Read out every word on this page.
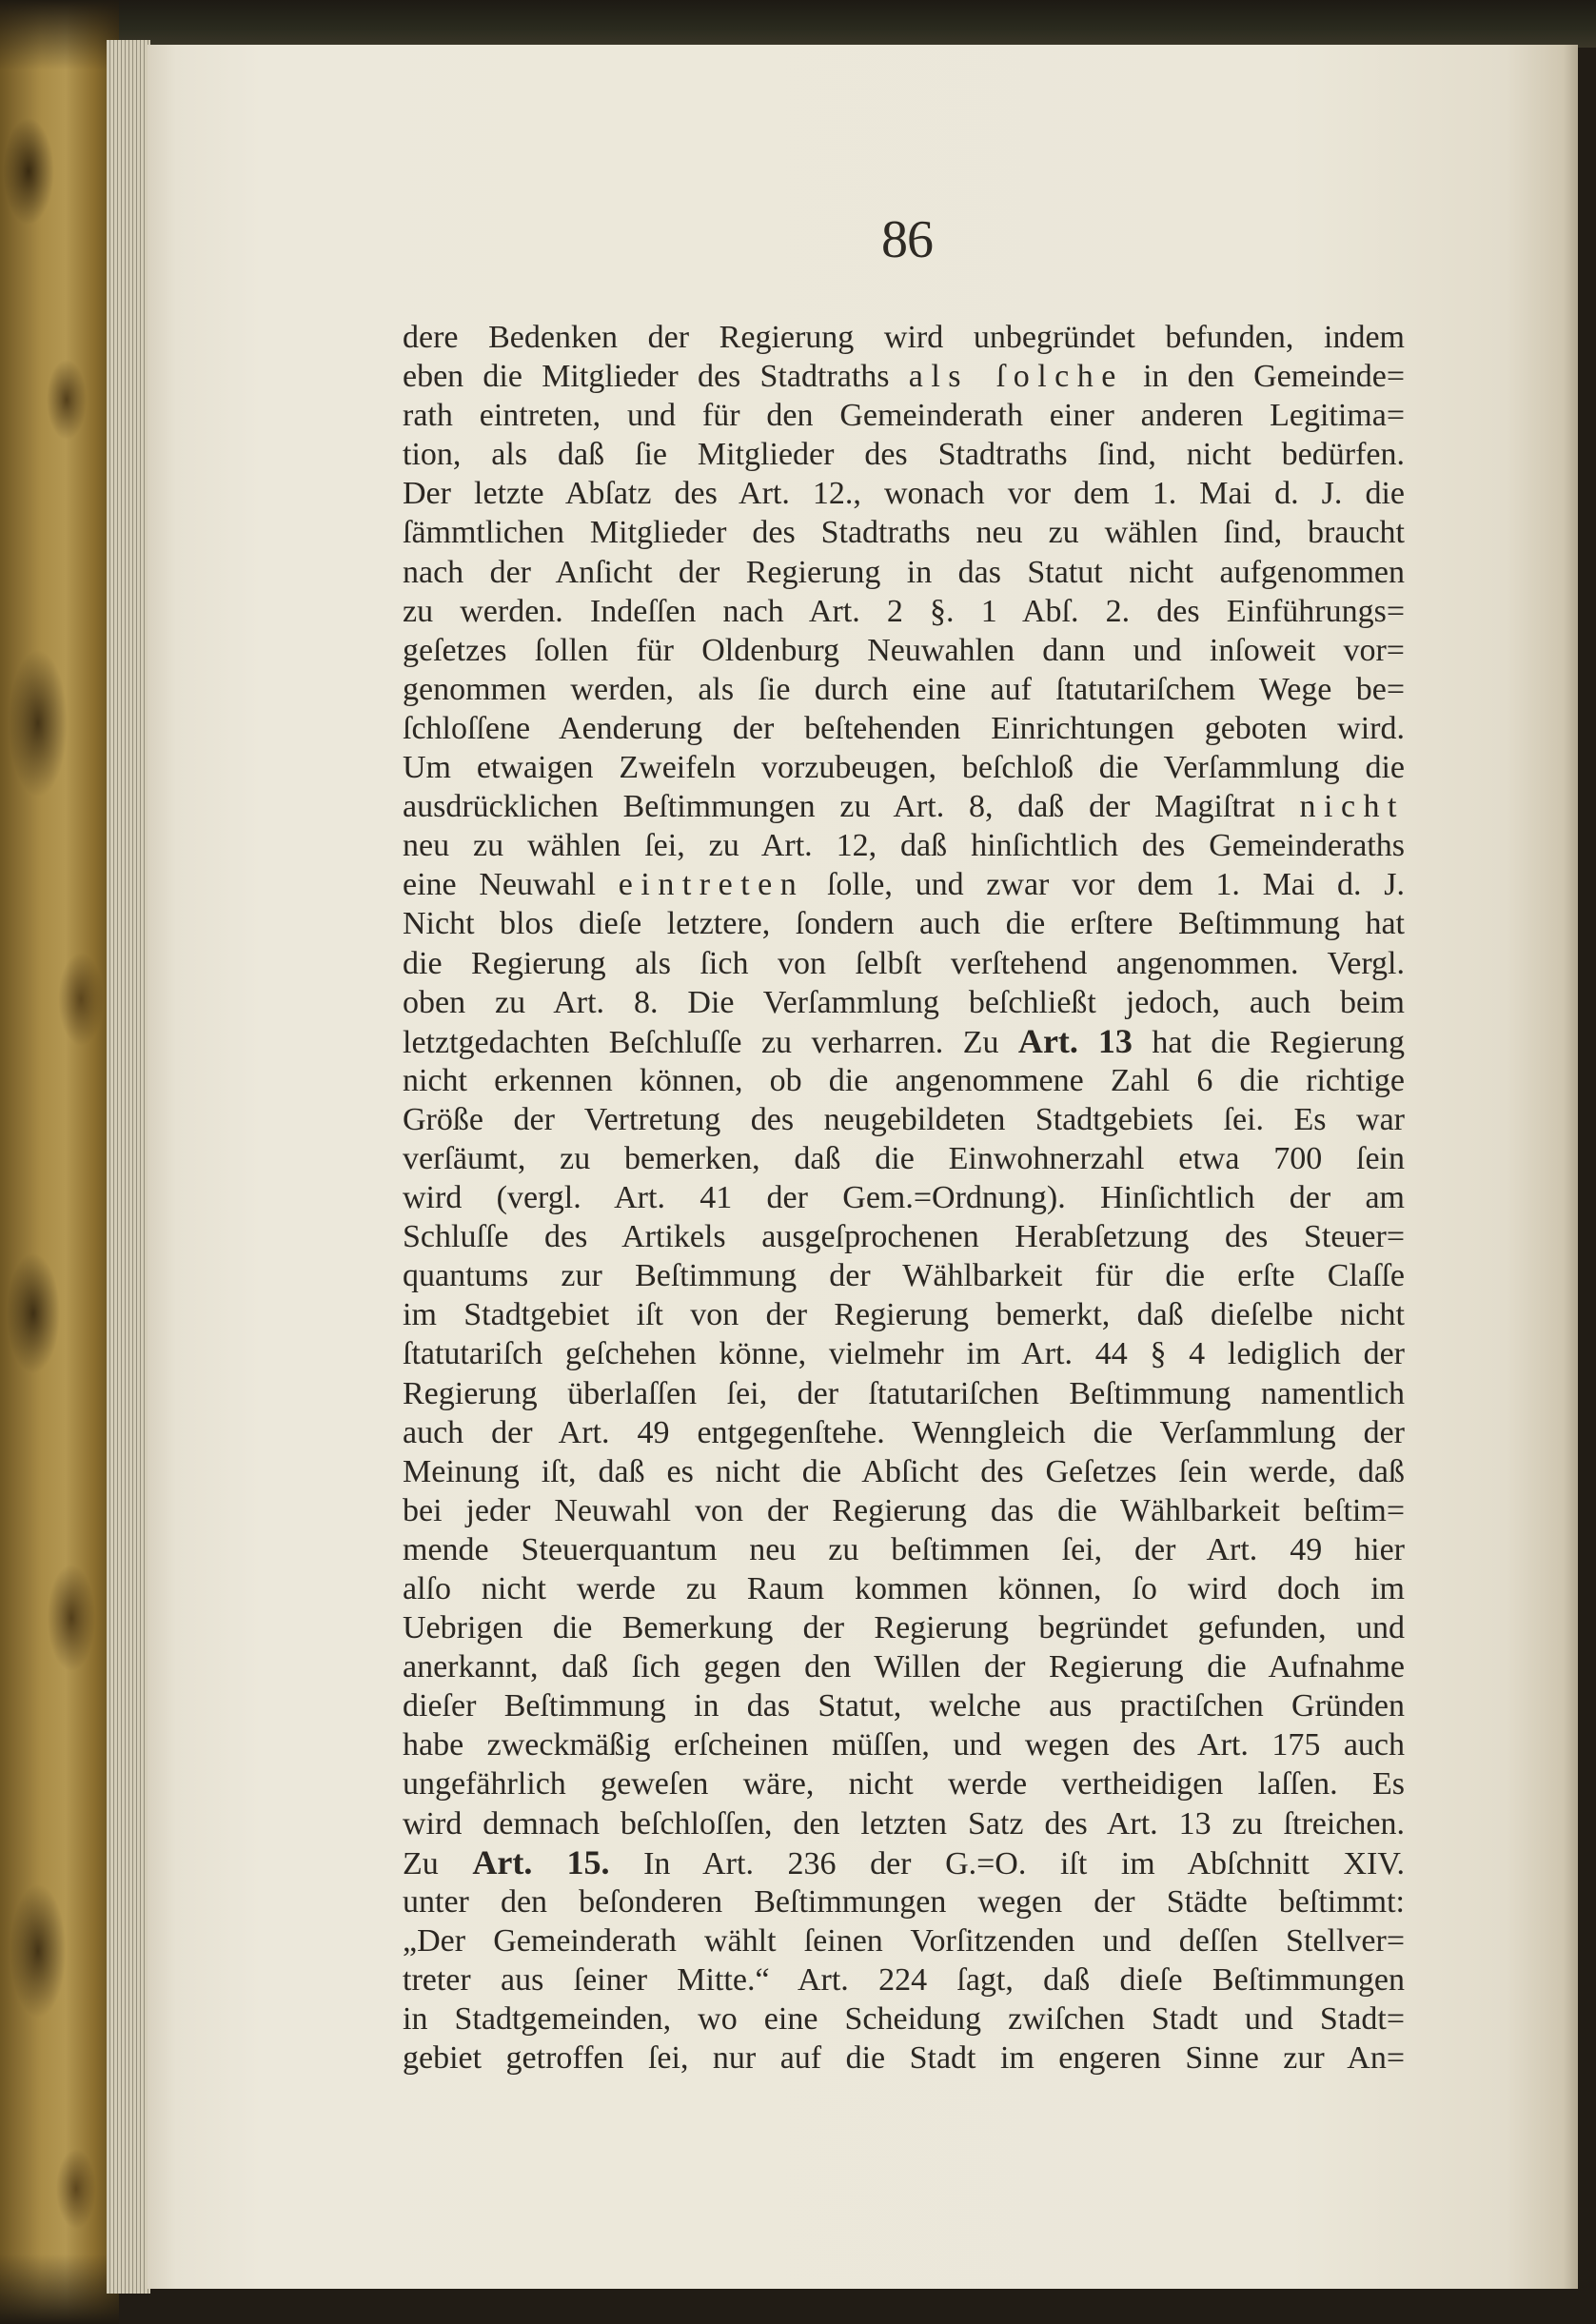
86
dere Bedenken der Regierung wird unbegründet befunden, indem
eben die Mitglieder des Stadtraths als ſolche in den Gemeinde=
rath eintreten, und für den Gemeinderath einer anderen Legitima=
tion, als daß ſie Mitglieder des Stadtraths ſind, nicht bedürfen.
Der letzte Abſatz des Art. 12., wonach vor dem 1. Mai d. J. die
ſämmtlichen Mitglieder des Stadtraths neu zu wählen ſind, braucht
nach der Anſicht der Regierung in das Statut nicht aufgenommen
zu werden. Indeſſen nach Art. 2 §. 1 Abſ. 2. des Einführungs=
geſetzes ſollen für Oldenburg Neuwahlen dann und inſoweit vor=
genommen werden, als ſie durch eine auf ſtatutariſchem Wege be=
ſchloſſene Aenderung der beſtehenden Einrichtungen geboten wird.
Um etwaigen Zweifeln vorzubeugen, beſchloß die Verſammlung die
ausdrücklichen Beſtimmungen zu Art. 8, daß der Magiſtrat nicht
neu zu wählen ſei, zu Art. 12, daß hinſichtlich des Gemeinderaths
eine Neuwahl eintreten ſolle, und zwar vor dem 1. Mai d. J.
Nicht blos dieſe letztere, ſondern auch die erſtere Beſtimmung hat
die Regierung als ſich von ſelbſt verſtehend angenommen. Vergl.
oben zu Art. 8. Die Verſammlung beſchließt jedoch, auch beim
letztgedachten Beſchluſſe zu verharren. Zu Art. 13 hat die Regierung
nicht erkennen können, ob die angenommene Zahl 6 die richtige
Größe der Vertretung des neugebildeten Stadtgebiets ſei. Es war
verſäumt, zu bemerken, daß die Einwohnerzahl etwa 700 ſein
wird (vergl. Art. 41 der Gem.=Ordnung). Hinſichtlich der am
Schluſſe des Artikels ausgeſprochenen Herabſetzung des Steuer=
quantums zur Beſtimmung der Wählbarkeit für die erſte Claſſe
im Stadtgebiet iſt von der Regierung bemerkt, daß dieſelbe nicht
ſtatutariſch geſchehen könne, vielmehr im Art. 44 § 4 lediglich der
Regierung überlaſſen ſei, der ſtatutariſchen Beſtimmung namentlich
auch der Art. 49 entgegenſtehe. Wenngleich die Verſammlung der
Meinung iſt, daß es nicht die Abſicht des Geſetzes ſein werde, daß
bei jeder Neuwahl von der Regierung das die Wählbarkeit beſtim=
mende Steuerquantum neu zu beſtimmen ſei, der Art. 49 hier
alſo nicht werde zu Raum kommen können, ſo wird doch im
Uebrigen die Bemerkung der Regierung begründet gefunden, und
anerkannt, daß ſich gegen den Willen der Regierung die Aufnahme
dieſer Beſtimmung in das Statut, welche aus practiſchen Gründen
habe zweckmäßig erſcheinen müſſen, und wegen des Art. 175 auch
ungefährlich geweſen wäre, nicht werde vertheidigen laſſen. Es
wird demnach beſchloſſen, den letzten Satz des Art. 13 zu ſtreichen.
Zu Art. 15. In Art. 236 der G.=O. iſt im Abſchnitt XIV.
unter den beſonderen Beſtimmungen wegen der Städte beſtimmt:
„Der Gemeinderath wählt ſeinen Vorſitzenden und deſſen Stellver=
treter aus ſeiner Mitte.“ Art. 224 ſagt, daß dieſe Beſtimmungen
in Stadtgemeinden, wo eine Scheidung zwiſchen Stadt und Stadt=
gebiet getroffen ſei, nur auf die Stadt im engeren Sinne zur An=
